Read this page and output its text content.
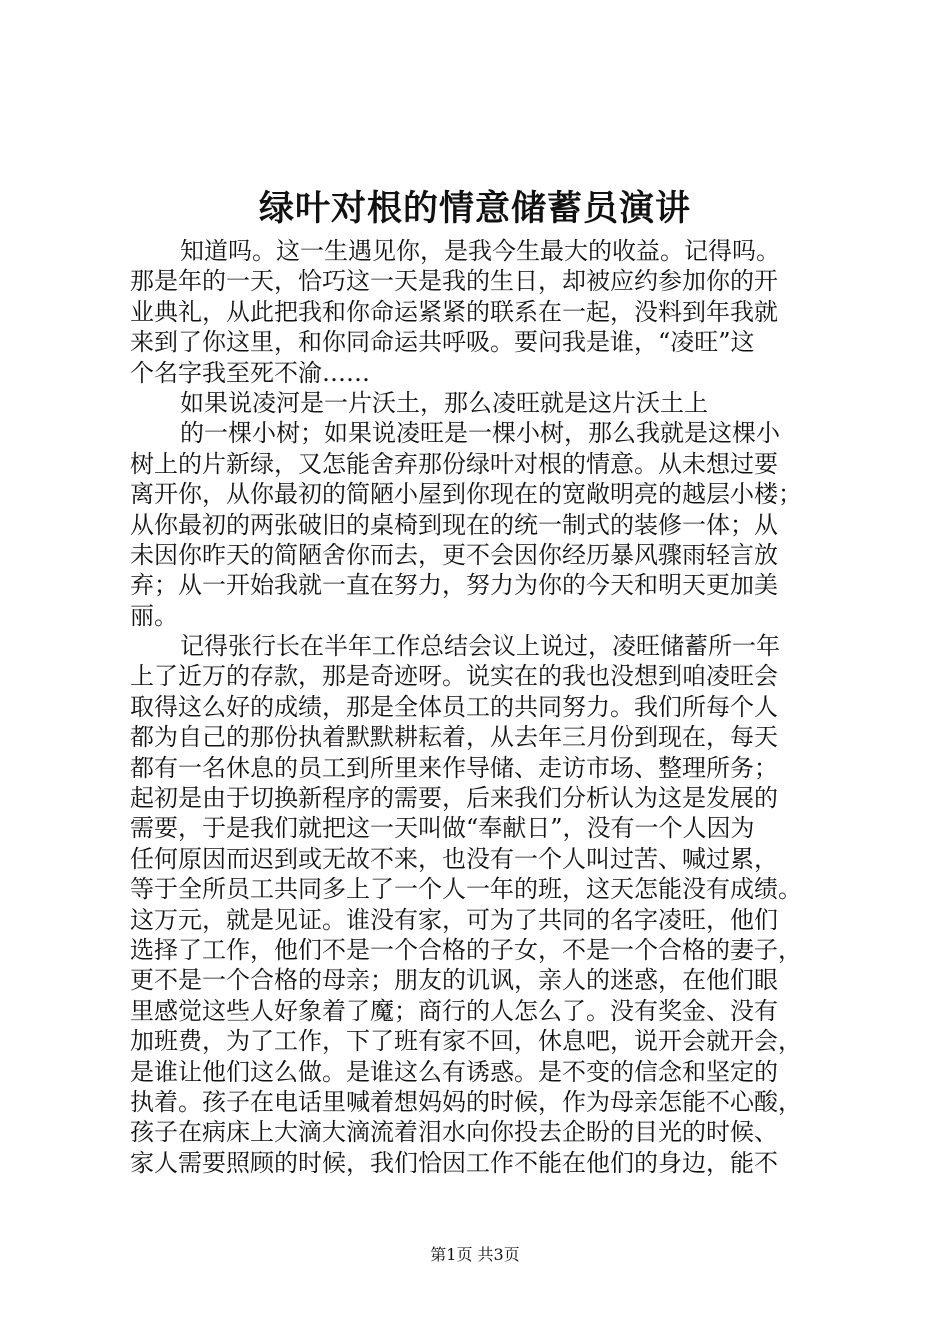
绿叶对根的情意储蓄员演讲
知道吗。这一生遇见你，是我今生最大的收益。记得吗。
那是年的一天，恰巧这一天是我的生日，却被应约参加你的开
业典礼，从此把我和你命运紧紧的联系在一起，没料到年我就
来到了你这里，和你同命运共呼吸。要问我是谁，“凌旺”这
个名字我至死不渝……
如果说凌河是一片沃土，那么凌旺就是这片沃土上
的一棵小树；如果说凌旺是一棵小树，那么我就是这棵小
树上的片新绿，又怎能舍弃那份绿叶对根的情意。从未想过要
离开你，从你最初的简陋小屋到你现在的宽敞明亮的越层小楼；
从你最初的两张破旧的桌椅到现在的统一制式的装修一体；从
未因你昨天的简陋舍你而去，更不会因你经历暴风骤雨轻言放
弃；从一开始我就一直在努力，努力为你的今天和明天更加美
丽。
记得张行长在半年工作总结会议上说过，凌旺储蓄所一年
上了近万的存款，那是奇迹呀。说实在的我也没想到咱凌旺会
取得这么好的成绩，那是全体员工的共同努力。我们所每个人
都为自己的那份执着默默耕耘着，从去年三月份到现在，每天
都有一名休息的员工到所里来作导储、走访市场、整理所务；
起初是由于切换新程序的需要，后来我们分析认为这是发展的
需要，于是我们就把这一天叫做“奉献日”，没有一个人因为
任何原因而迟到或无故不来，也没有一个人叫过苦、喊过累，
等于全所员工共同多上了一个人一年的班，这天怎能没有成绩。
这万元，就是见证。谁没有家，可为了共同的名字凌旺，他们
选择了工作，他们不是一个合格的子女，不是一个合格的妻子，
更不是一个合格的母亲；朋友的讥讽，亲人的迷惑，在他们眼
里感觉这些人好象着了魔；商行的人怎么了。没有奖金、没有
加班费，为了工作，下了班有家不回，休息吧，说开会就开会，
是谁让他们这么做。是谁这么有诱惑。是不变的信念和坚定的
执着。孩子在电话里喊着想妈妈的时候，作为母亲怎能不心酸，
孩子在病床上大滴大滴流着泪水向你投去企盼的目光的时候、
家人需要照顾的时候，我们恰因工作不能在他们的身边，能不
第1页 共3页
